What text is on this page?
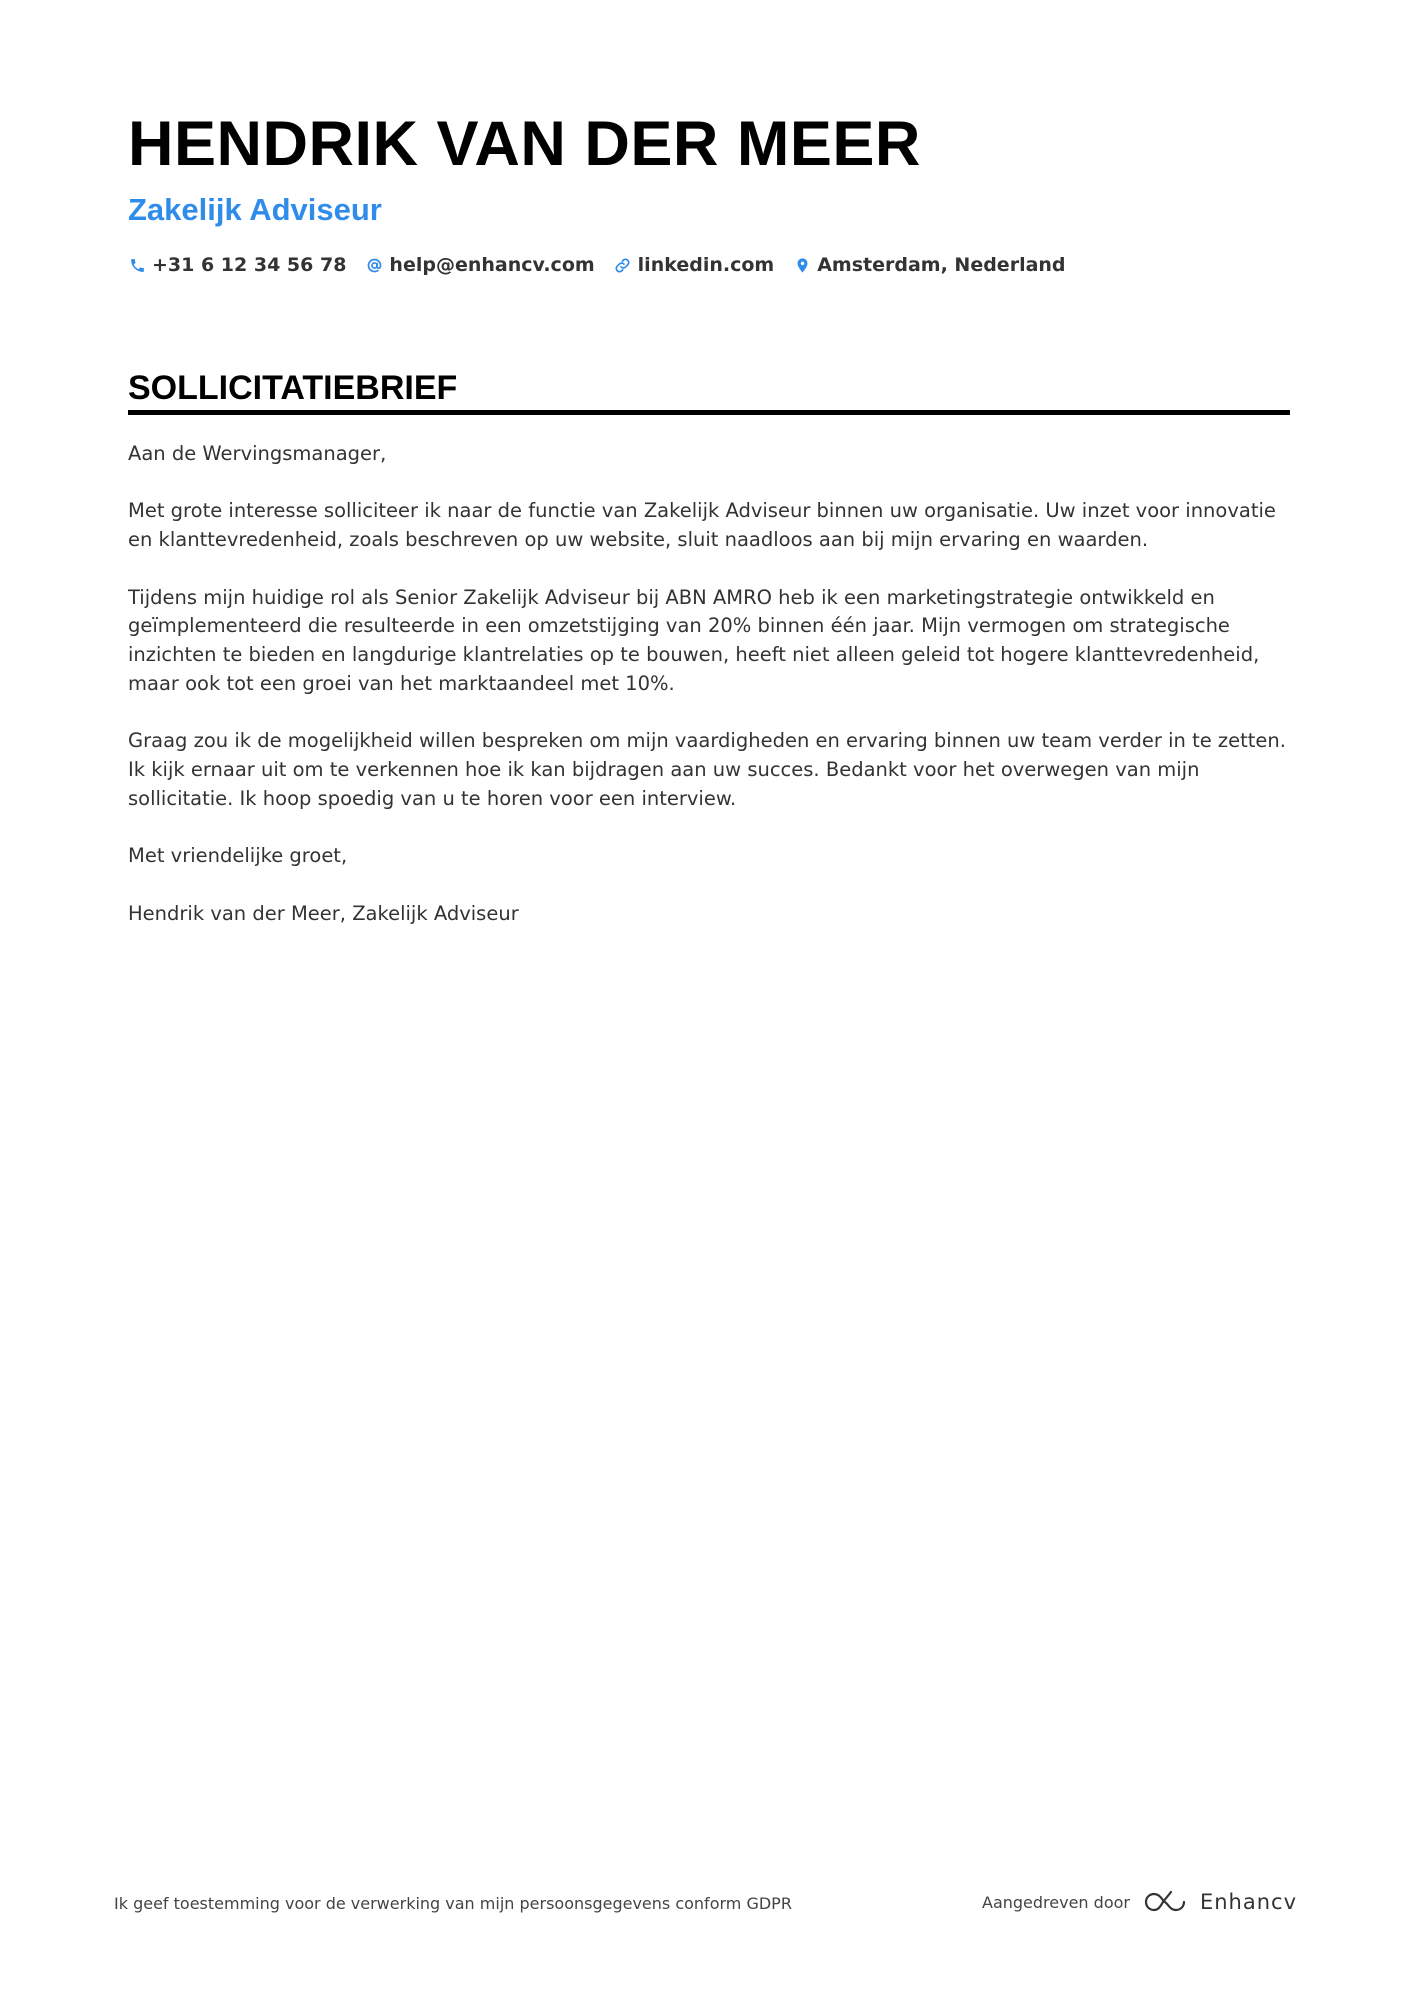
HENDRIK VAN DER MEER
Zakelijk Adviseur
+31 6 12 34 56 78 help@enhancv.com linkedin.com Amsterdam, Nederland
SOLLICITATIEBRIEF

Aan de Wervingsmanager,

Met grote interesse solliciteer ik naar de functie van Zakelijk Adviseur binnen uw organisatie. Uw inzet voor innovatie en klanttevredenheid, zoals beschreven op uw website, sluit naadloos aan bij mijn ervaring en waarden.

Tijdens mijn huidige rol als Senior Zakelijk Adviseur bij ABN AMRO heb ik een marketingstrategie ontwikkeld en geïmplementeerd die resulteerde in een omzetstijging van 20% binnen één jaar. Mijn vermogen om strategische inzichten te bieden en langdurige klantrelaties op te bouwen, heeft niet alleen geleid tot hogere klanttevredenheid, maar ook tot een groei van het marktaandeel met 10%.

Graag zou ik de mogelijkheid willen bespreken om mijn vaardigheden en ervaring binnen uw team verder in te zetten. Ik kijk ernaar uit om te verkennen hoe ik kan bijdragen aan uw succes. Bedankt voor het overwegen van mijn sollicitatie. Ik hoop spoedig van u te horen voor een interview.

Met vriendelijke groet,

Hendrik van der Meer, Zakelijk Adviseur

Ik geef toestemming voor de verwerking van mijn persoonsgegevens conform GDPR	Aangedreven door	Enhancv
